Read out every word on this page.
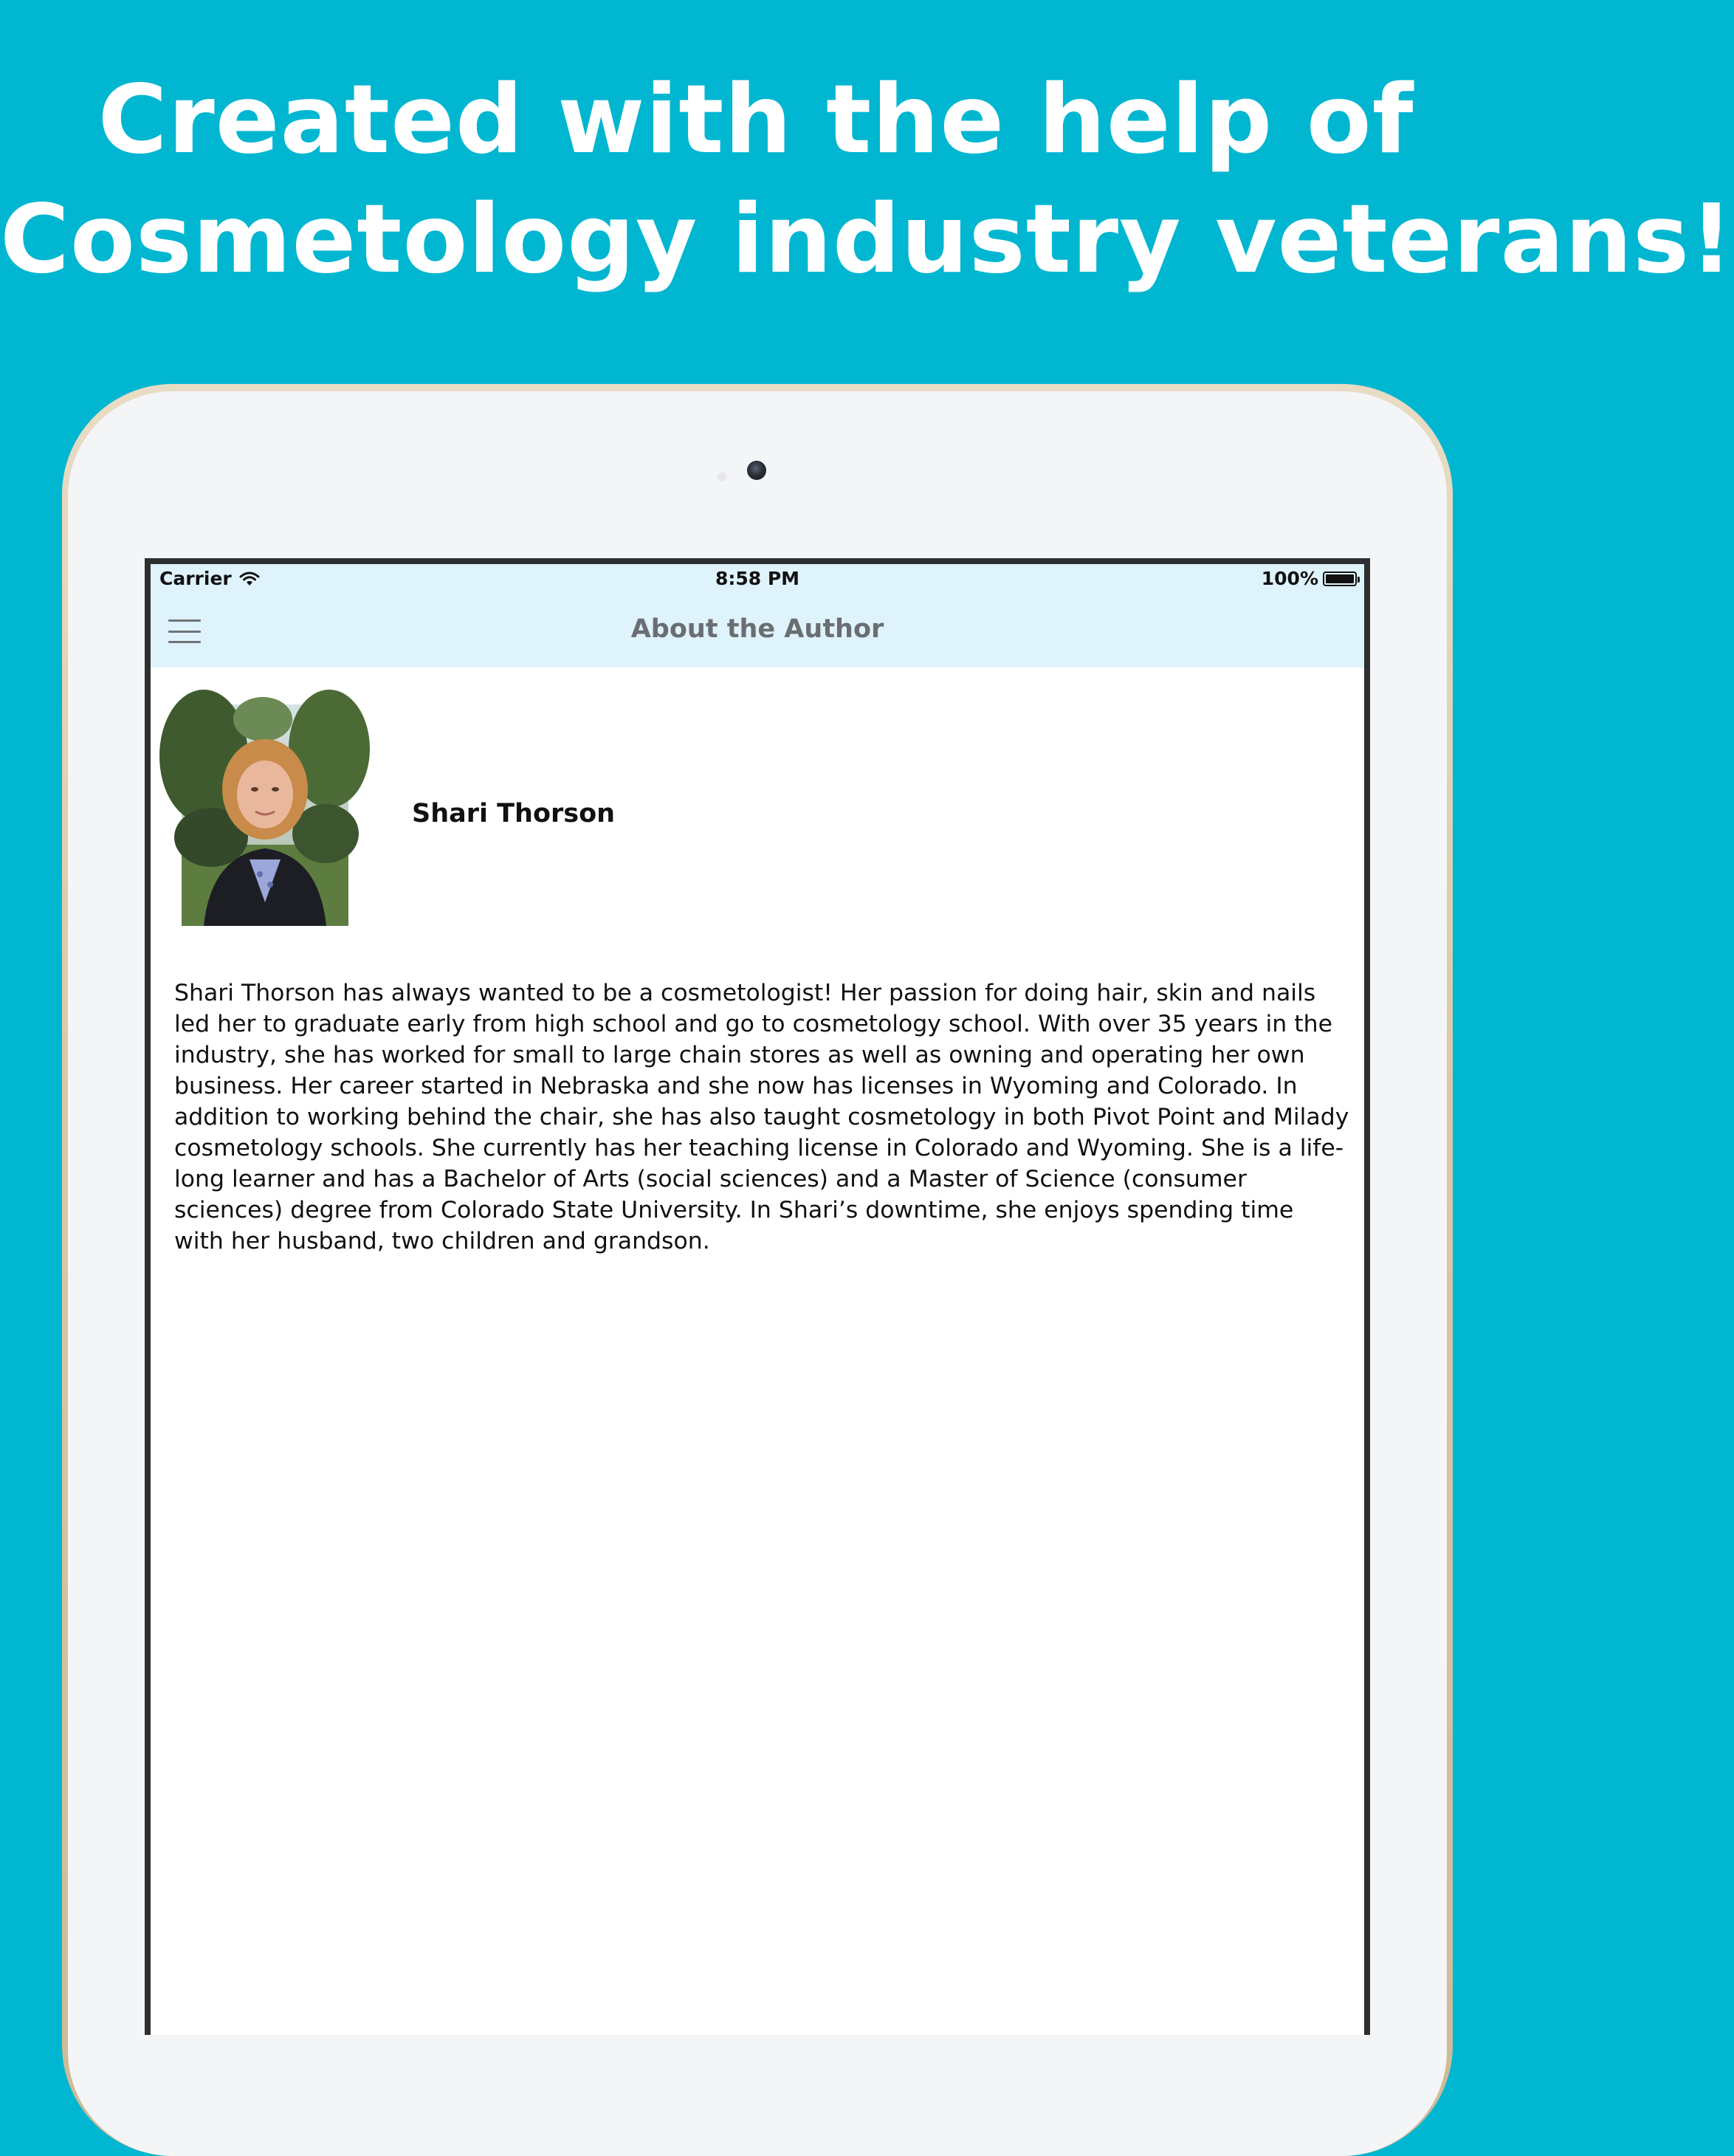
Created with the help of
Cosmetology industry veterans!
Carrier	8:58 PM	100%
About the Author
Shari Thorson

Shari Thorson has always wanted to be a cosmetologist! Her passion for doing hair, skin and nails led her to graduate early from high school and go to cosmetology school. With over 35 years in the industry, she has worked for small to large chain stores as well as owning and operating her own business. Her career started in Nebraska and she now has licenses in Wyoming and Colorado. In addition to working behind the chair, she has also taught cosmetology in both Pivot Point and Milady cosmetology schools. She currently has her teaching license in Colorado and Wyoming. She is a life-long learner and has a Bachelor of Arts (social sciences) and a Master of Science (consumer sciences) degree from Colorado State University. In Shari’s downtime, she enjoys spending time with her husband, two children and grandson.
